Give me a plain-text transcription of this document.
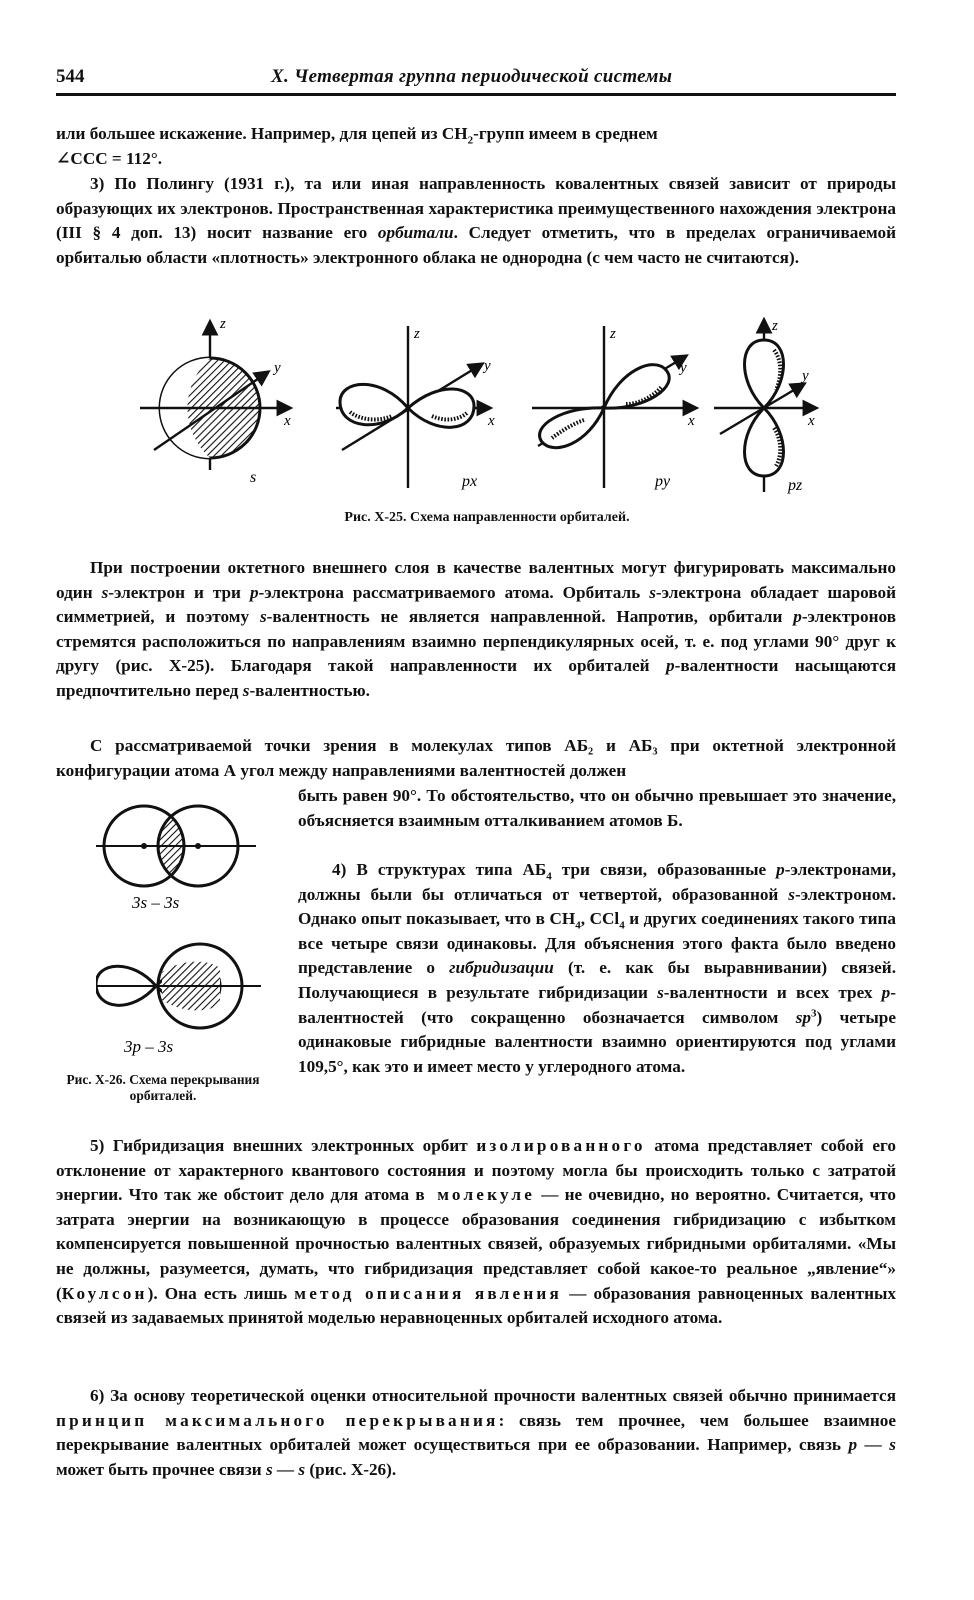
544	X. Четвертая группа периодической системы

или большее искажение. Например, для цепей из $CH_2$-групп имеем в среднем

∠CCC = 112°.

3) По Полингу (1931 г.), та или иная направленность ковалентных связей зависит от природы образующих их электронов. Пространственная характеристика преимущественного нахождения электрона (III § 4 доп. 13) носит название его орбитали. Следует отметить, что в пределах ограничиваемой орбиталью области «плотность» электронного облака не однородна (с чем часто не считаются).

z
y
x
s
z
y
x
px
z
y
x
py
z
y
x
pz
Рис. X-25. Схема направленности орбиталей.

При построении октетного внешнего слоя в качестве валентных могут фигурировать максимально один s-электрон и три p-электрона рассматриваемого атома. Орбиталь s-электрона обладает шаровой симметрией, и поэтому s-валентность не является направленной. Напротив, орбитали p-электронов стремятся расположиться по направлениям взаимно перпендикулярных осей, т. е. под углами 90° друг к другу (рис. X-25). Благодаря такой направленности их орбиталей p-валентности насыщаются предпочтительно перед s-валентностью.

С рассматриваемой точки зрения в молекулах типов АБ₂ и АБ₃ при октетной электронной конфигурации атома А угол между направлениями валентностей должен

быть равен 90°. То обстоятельство, что он обычно превышает это значение, объясняется взаимным отталкиванием атомов Б.

4) В структурах типа $АБ_4$ три связи, образованные p-электронами, должны были бы отличаться от четвертой, образованной s-электроном. Однако опыт показывает, что в $CH_4$, CCl$_4$ и других соединениях такого типа все четыре связи одинаковы. Для объяснения этого факта было введено представление о гибридизации (т. е. как бы выравнивании) связей. Получающиеся в результате гибридизации s-валентности и всех трех p-валентностей (что сокращенно обозначается символом $sp^3$) четыре одинаковые гибридные валентности взаимно ориентируются под углами 109,5°, как это и имеет место у углеродного атома.

3s – 3s
3p – 3s
Рис. X-26. Схема перекрывания орбиталей.

5) Гибридизация внешних электронных орбит изолированного атома представляет собой его отклонение от характерного квантового состояния и поэтому могла бы происходить только с затратой энергии. Что так же обстоит дело для атома в молекуле — не очевидно, но вероятно. Считается, что затрата энергии на возникающую в процессе образования соединения гибридизацию с избытком компенсируется повышенной прочностью валентных связей, образуемых гибридными орбиталями. «Мы не должны, разумеется, думать, что гибридизация представляет собой какое-то реальное „явление“» (Коулсон). Она есть лишь метод описания явления — образования равноценных валентных связей из задаваемых принятой моделью неравноценных орбиталей исходного атома.

6) За основу теоретической оценки относительной прочности валентных связей обычно принимается принцип максимального перекрывания: связь тем прочнее, чем большее взаимное перекрывание валентных орбиталей может осуществиться при ее образовании. Например, связь p — s может быть прочнее связи s — s (рис. X-26).
